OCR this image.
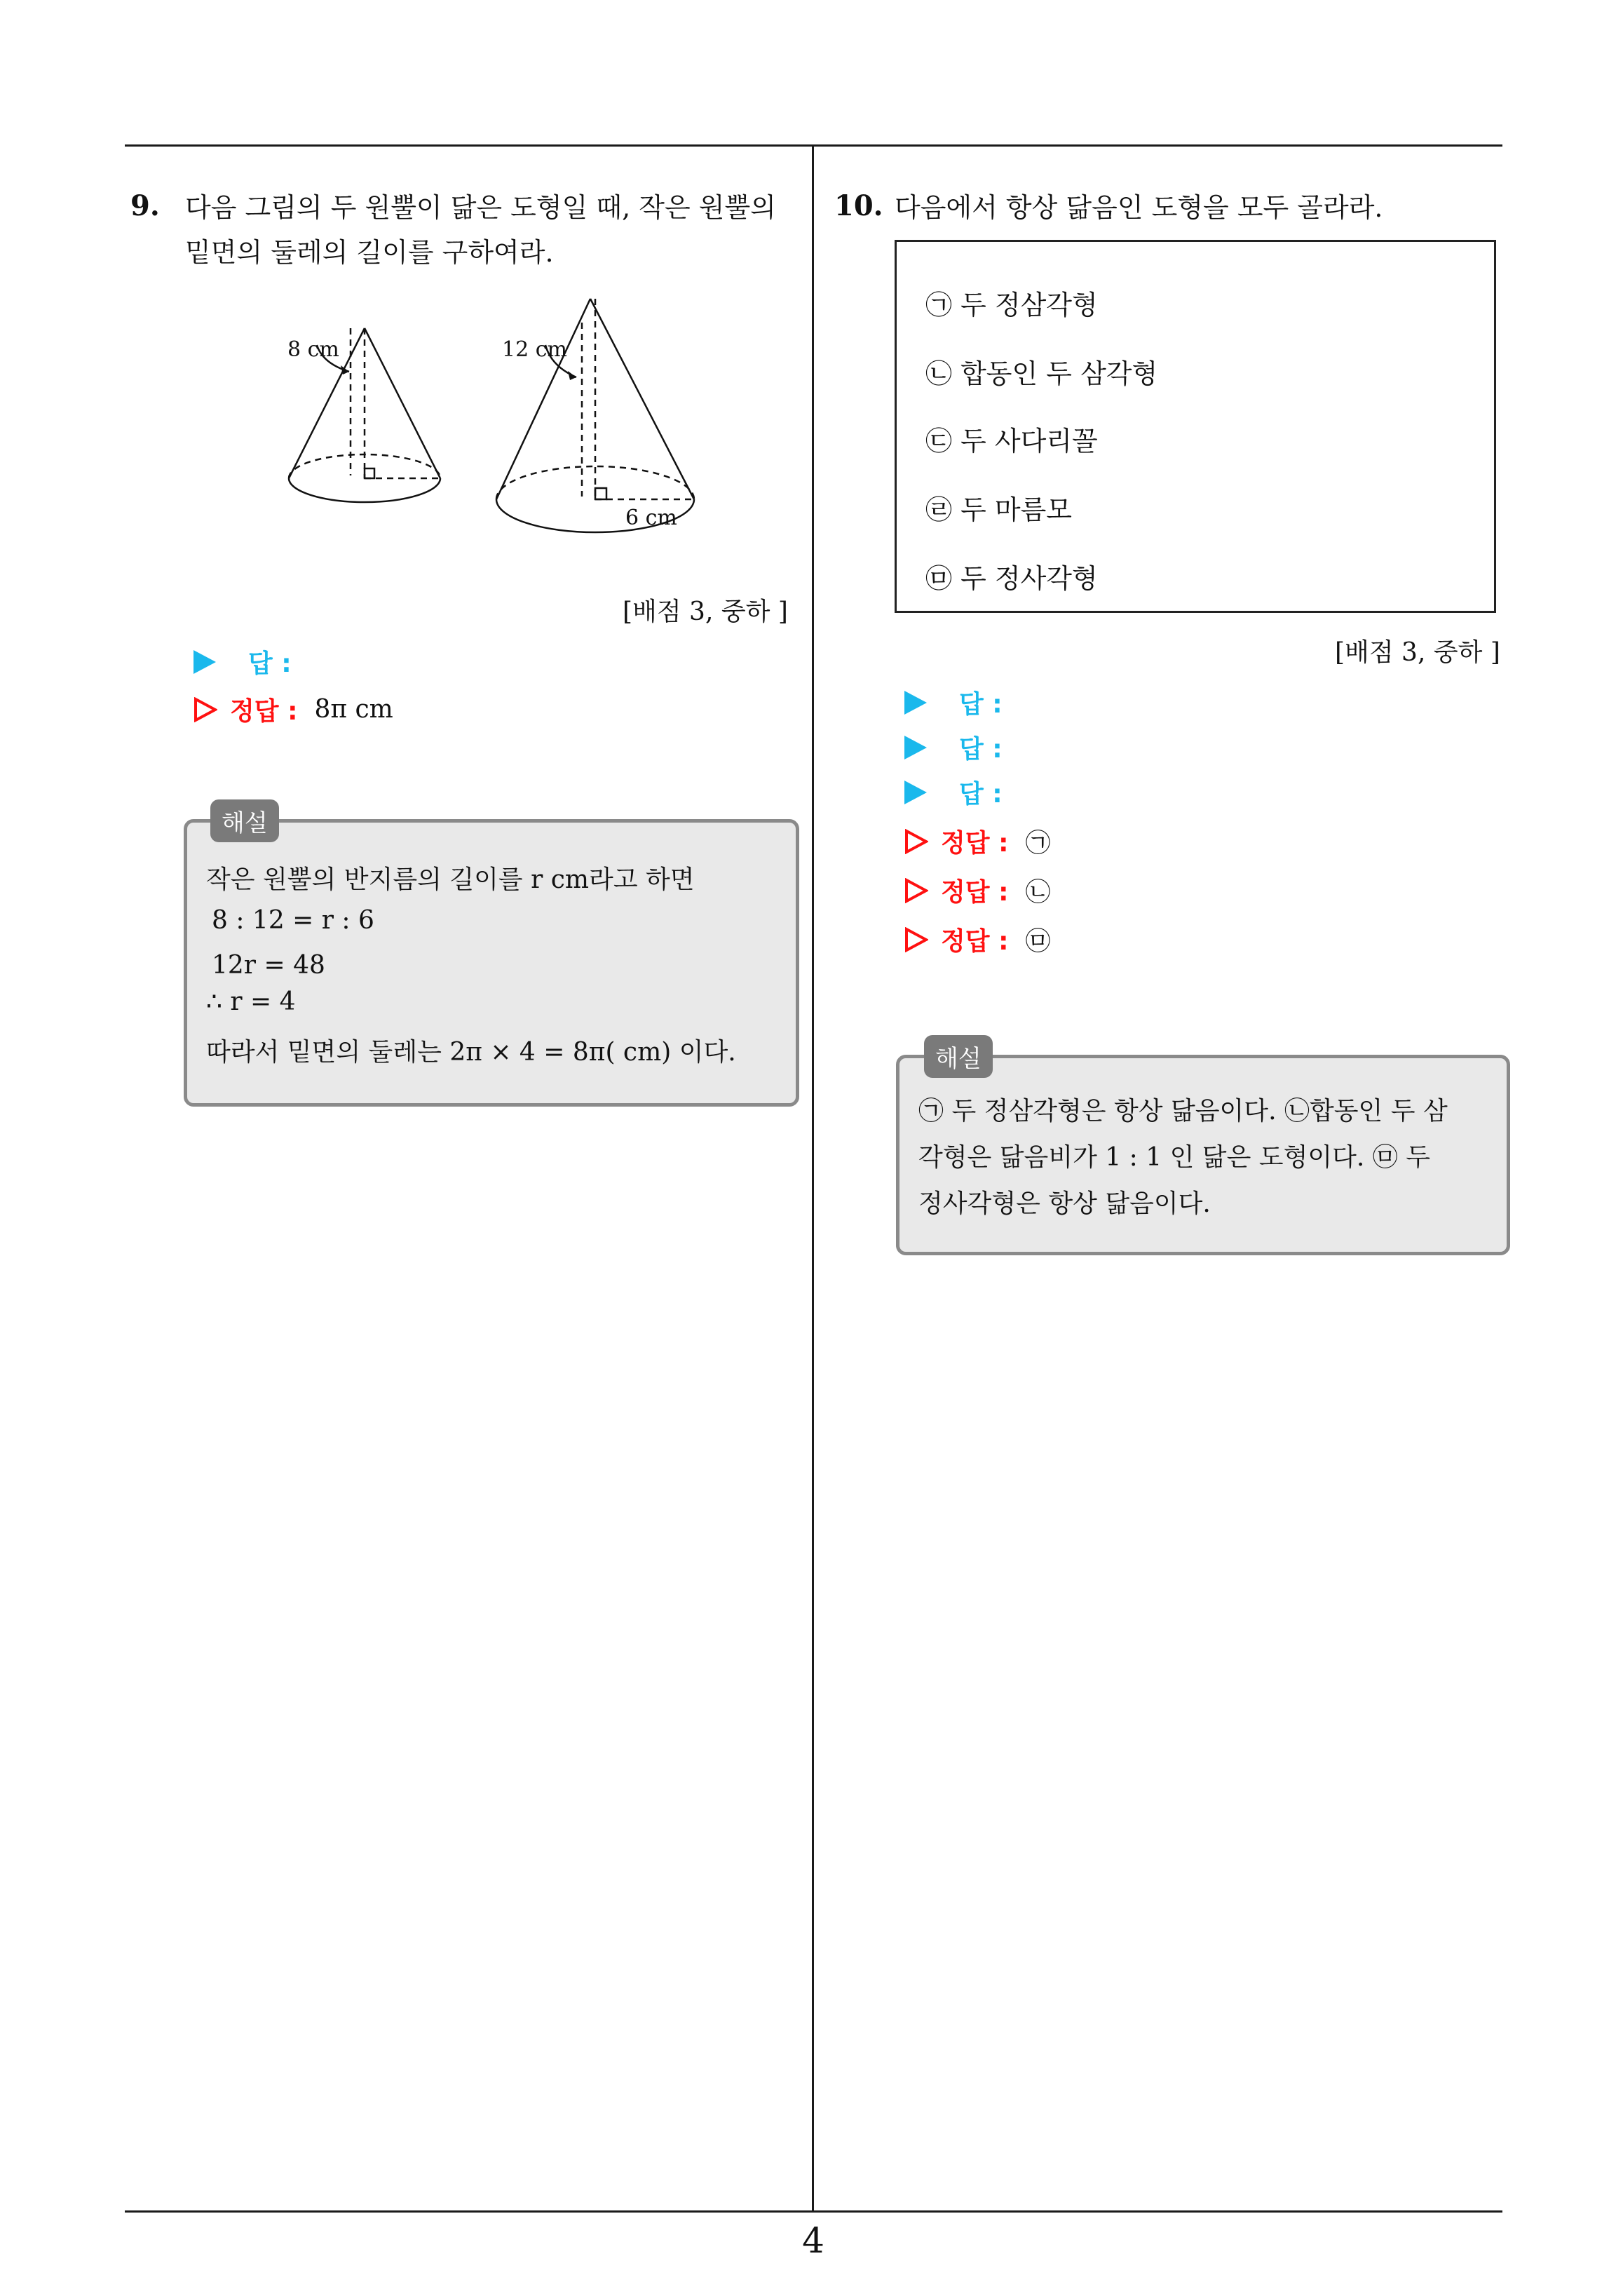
4
9. 다음 그림의 두 원뿔이 닮은 도형일 때, 작은 원뿔의
밑면의 둘레의 길이를 구하여라.
8 cm	12 cm
6 cm
[배점 3, 중하 ]
답 :
정답 : 8π cm
해설
작은 원뿔의 반지름의 길이를 r cm라고 하면
8 : 12 = r : 6
12r = 48
∴ r = 4
따라서 밑면의 둘레는 2π × 4 = 8π( cm) 이다.
10. 다음에서 항상 닮음인 도형을 모두 골라라.
㉠ 두 정삼각형
㉡ 합동인 두 삼각형
㉢ 두 사다리꼴
㉣ 두 마름모
㉤ 두 정사각형
[배점 3, 중하 ]
답 :
답 :
답 :
정답 : ㉠
정답 : ㉡
정답 : ㉤
해설
㉠ 두 정삼각형은 항상 닮음이다. ㉡합동인 두 삼
각형은 닮음비가 1 : 1 인 닮은 도형이다. ㉤ 두
정사각형은 항상 닮음이다.
